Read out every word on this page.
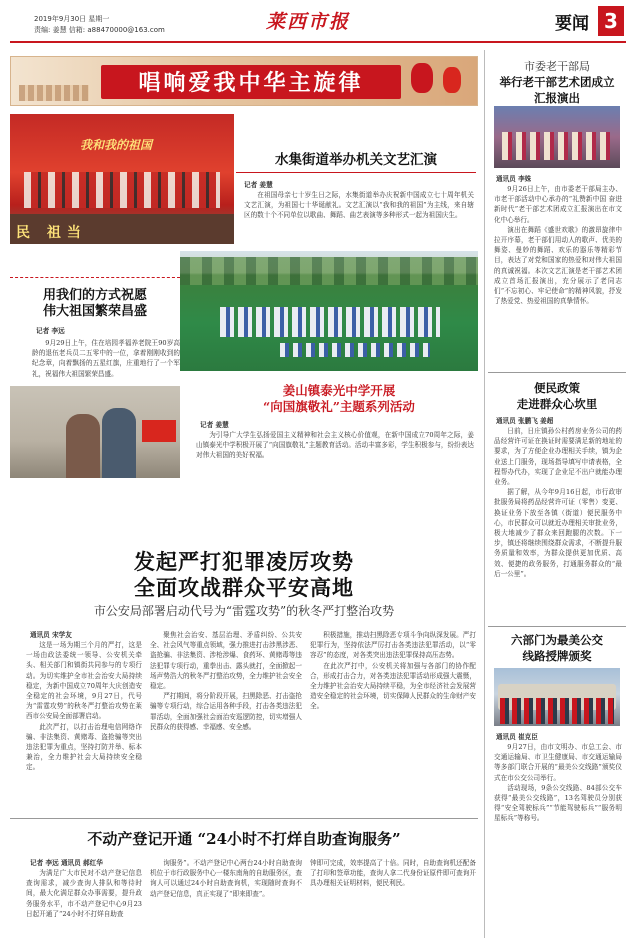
2019年9月30日 星期一
责编: 姜慧 信箱: a88470000@163.com	莱西市报	要闻 3
唱响爱我中华主旋律
我和我的祖国
民 祖当
水集街道举办机关文艺汇演
记者 姜慧

在祖国母亲七十岁生日之际，水集街道举办庆祝新中国成立七十周年机关文艺汇演，为祖国七十华诞献礼。文艺汇演以“我和我的祖国”为主线，来自辖区的数十个不同单位以歌曲、舞蹈、曲艺表演等多种形式一起为祖国庆生。

用我们的方式祝愿
伟大祖国繁荣昌盛
记者 李远

9月29日上午，住在培园孝福养老院王90岁高龄的退伍老兵员二五零中的一位，拿着刚刚收到的纪念章，向着飘扬的五星红旗，庄重地行了一个军礼，祝福伟大祖国繁荣昌盛。

姜山镇泰光中学开展
“向国旗敬礼”主题系列活动
记者 姜慧

为引导广大学生弘扬爱国主义精神和社会主义核心价值观，在新中国成立70周年之际，姜山镇泰光中学积极开展了“向国旗敬礼”主题教育活动。活动丰富多彩，学生积极参与，纷纷表达对伟大祖国的美好祝福。

发起严打犯罪凌厉攻势
全面攻战群众平安高地
市公安局部署启动代号为“雷霆攻势”的秋冬严打整治攻势
通讯员 宋学友

这是一场为期三个月的严打，这是一场由政法委统一领导、公安机关牵头、相关部门和镇街共同参与的专项行动。为切实维护全市社会治安大局持续稳定，为新中国成立70周年大庆创造安全稳定的社会环境，9月27日，代号为“雷霆攻势”的秋冬严打整治攻势在莱西市公安局全面部署启动。

此次严打，以打击治理电信网络诈骗、非法集资、黄赌毒、盗抢骗等突出违法犯罪为重点，坚持打防并举、标本兼治，全力维护社会大局持续安全稳定。

聚焦社会治安、基层治理、矛盾纠纷、公共安全、社会风气等重点领域，强力推进打击涉黑涉恶、盗抢骗、非法集资、涉枪涉爆、食药环、黄赌毒等违法犯罪专项行动，重拳出击、露头就打，全面掀起一场声势浩大的秋冬严打整治攻势，全力维护社会安全稳定。

严打期间，将分阶段开展，扫黑除恶、打击盗抢骗等专项行动，综合运用各种手段，打击各类违法犯罪活动，全面加强社会面治安巡逻防控，切实增强人民群众的获得感、幸福感、安全感。

积极措施，推动扫黑除恶专项斗争向纵深发展。严打犯罪行为，坚持依法严厉打击各类违法犯罪活动，以“零容忍”的态度，对各类突出违法犯罪保持高压态势。

在此次严打中，公安机关将加强与各部门的协作配合，形成打击合力，对各类违法犯罪活动形成强大震慑，全力维护社会治安大局持续平稳，为全市经济社会发展营造安全稳定的社会环境，切实保障人民群众的生命财产安全。

不动产登记开通 “24小时不打烊自助查询服务”
记者 李远 通讯员 郝红华

为满足广大市民对不动产登记信息查询需求，减少查询人排队和等待时间，最大化满足群众办事需要，提升政务服务水平，市不动产登记中心9月23日起开通了“24小时不打烊自助查

询服务”。不动产登记中心两台24小时自助查询机位于市行政服务中心一楼东南角的自助服务区，查询人可以通过24小时自助查询机，实现随时查询不动产登记信息，真正实现了“即来即查”。

钟即可完成，效率提高了十倍。同时，自助查询机还配备了打印和签章功能，查询人拿二代身份证原件即可查询开具办理相关证明材料，便民利民。

市委老干部局
举行老干部艺术团成立
汇报演出
通讯员 李姝

9月26日上午，由市委老干部局主办、市老干部活动中心承办的“礼赞新中国 奋进新时代”老干部艺术团成立汇报演出在市文化中心举行。

演出在舞蹈《盛世欢歌》的激昂旋律中拉开序幕，老干部们用动人的歌声、优美的舞姿、曼妙的舞蹈、欢乐的器乐等精彩节目，表达了对党和国家的热爱和对伟大祖国的真诚祝福。本次文艺汇演是老干部艺术团成立首场汇报演出，充分展示了老同志们“不忘初心、牢记使命”的精神风貌，抒发了热爱党、热爱祖国的真挚情怀。

便民政策
走进群众心坎里
通讯员 张鹏飞 姜超

日前，日庄镇孙公村药房业务公司的药品经营许可证在换证时需要满足新的地址的要求，为了方便企业办理相关手续，镇为企业送上门服务，现场指导填写申请表格，全程帮办代办，实现了企业足不出户就能办理业务。

据了解，从今年9月16日起，市行政审批服务局将药品经营许可证（零售）变更、换证业务下放至各镇（街道）便民服务中心，市民群众可以就近办理相关审批业务，极大地减少了群众来回跑腿的次数。下一步，镇还将继续围绕群众需求，不断提升服务质量和效率，为群众提供更加优质、高效、便捷的政务服务，打通服务群众的“最后一公里”。

六部门为最美公交
线路授牌颁奖
通讯员 崔克臣

9月27日，由市文明办、市总工会、市交通运输局、市卫生健康局、市交通运输局等多部门联合开展的“最美公交线路”颁奖仪式在市公交公司举行。

活动现场，9条公交线路、84部公交车获得“最美公交线路”，13名驾驶员分别获得“安全驾驶标兵”“节能驾驶标兵”“服务明星标兵”等称号。
